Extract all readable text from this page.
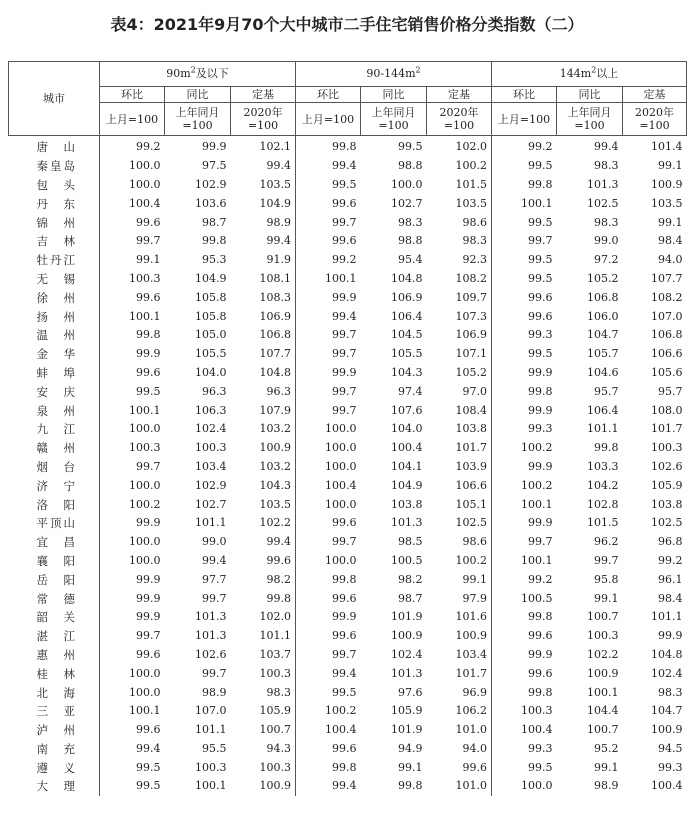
表4：2021年9月70个大中城市二手住宅销售价格分类指数（二）
城市	$90m^2$及以下			$90-144m^2$			$144m^2$以上		
	环比	同比	定基	环比	同比	定基	环比	同比	定基
	上月=100	上年同月=100	2020年=100	上月=100	上年同月=100	2020年=100	上月=100	上年同月=100	2020年=100
唐山	99.2	99.9	102.1	99.8	99.5	102.0	99.2	99.4	101.4
秦皇岛	100.0	97.5	99.4	99.4	98.8	100.2	99.5	98.3	99.1
包头	100.0	102.9	103.5	99.5	100.0	101.5	99.8	101.3	100.9
丹东	100.4	103.6	104.9	99.6	102.7	103.5	100.1	102.5	103.5
锦州	99.6	98.7	98.9	99.7	98.3	98.6	99.5	98.3	99.1
吉林	99.7	99.8	99.4	99.6	98.8	98.3	99.7	99.0	98.4
牡丹江	99.1	95.3	91.9	99.2	95.4	92.3	99.5	97.2	94.0
无锡	100.3	104.9	108.1	100.1	104.8	108.2	99.5	105.2	107.7
徐州	99.6	105.8	108.3	99.9	106.9	109.7	99.6	106.8	108.2
扬州	100.1	105.8	106.9	99.4	106.4	107.3	99.6	106.0	107.0
温州	99.8	105.0	106.8	99.7	104.5	106.9	99.3	104.7	106.8
金华	99.9	105.5	107.7	99.7	105.5	107.1	99.5	105.7	106.6
蚌埠	99.6	104.0	104.8	99.9	104.3	105.2	99.9	104.6	105.6
安庆	99.5	96.3	96.3	99.7	97.4	97.0	99.8	95.7	95.7
泉州	100.1	106.3	107.9	99.7	107.6	108.4	99.9	106.4	108.0
九江	100.0	102.4	103.2	100.0	104.0	103.8	99.3	101.1	101.7
赣州	100.3	100.3	100.9	100.0	100.4	101.7	100.2	99.8	100.3
烟台	99.7	103.4	103.2	100.0	104.1	103.9	99.9	103.3	102.6
济宁	100.0	102.9	104.3	100.4	104.9	106.6	100.2	104.2	105.9
洛阳	100.2	102.7	103.5	100.0	103.8	105.1	100.1	102.8	103.8
平顶山	99.9	101.1	102.2	99.6	101.3	102.5	99.9	101.5	102.5
宜昌	100.0	99.0	99.4	99.7	98.5	98.6	99.7	96.2	96.8
襄阳	100.0	99.4	99.6	100.0	100.5	100.2	100.1	99.7	99.2
岳阳	99.9	97.7	98.2	99.8	98.2	99.1	99.2	95.8	96.1
常德	99.9	99.7	99.8	99.6	98.7	97.9	100.5	99.1	98.4
韶关	99.9	101.3	102.0	99.9	101.9	101.6	99.8	100.7	101.1
湛江	99.7	101.3	101.1	99.6	100.9	100.9	99.6	100.3	99.9
惠州	99.6	102.6	103.7	99.7	102.4	103.4	99.9	102.2	104.8
桂林	100.0	99.7	100.3	99.4	101.3	101.7	99.6	100.9	102.4
北海	100.0	98.9	98.3	99.5	97.6	96.9	99.8	100.1	98.3
三亚	100.1	107.0	105.9	100.2	105.9	106.2	100.3	104.4	104.7
泸州	99.6	101.1	100.7	100.4	101.9	101.0	100.4	100.7	100.9
南充	99.4	95.5	94.3	99.6	94.9	94.0	99.3	95.2	94.5
遵义	99.5	100.3	100.3	99.8	99.1	99.6	99.5	99.1	99.3
大理	99.5	100.1	100.9	99.4	99.8	101.0	100.0	98.9	100.4
